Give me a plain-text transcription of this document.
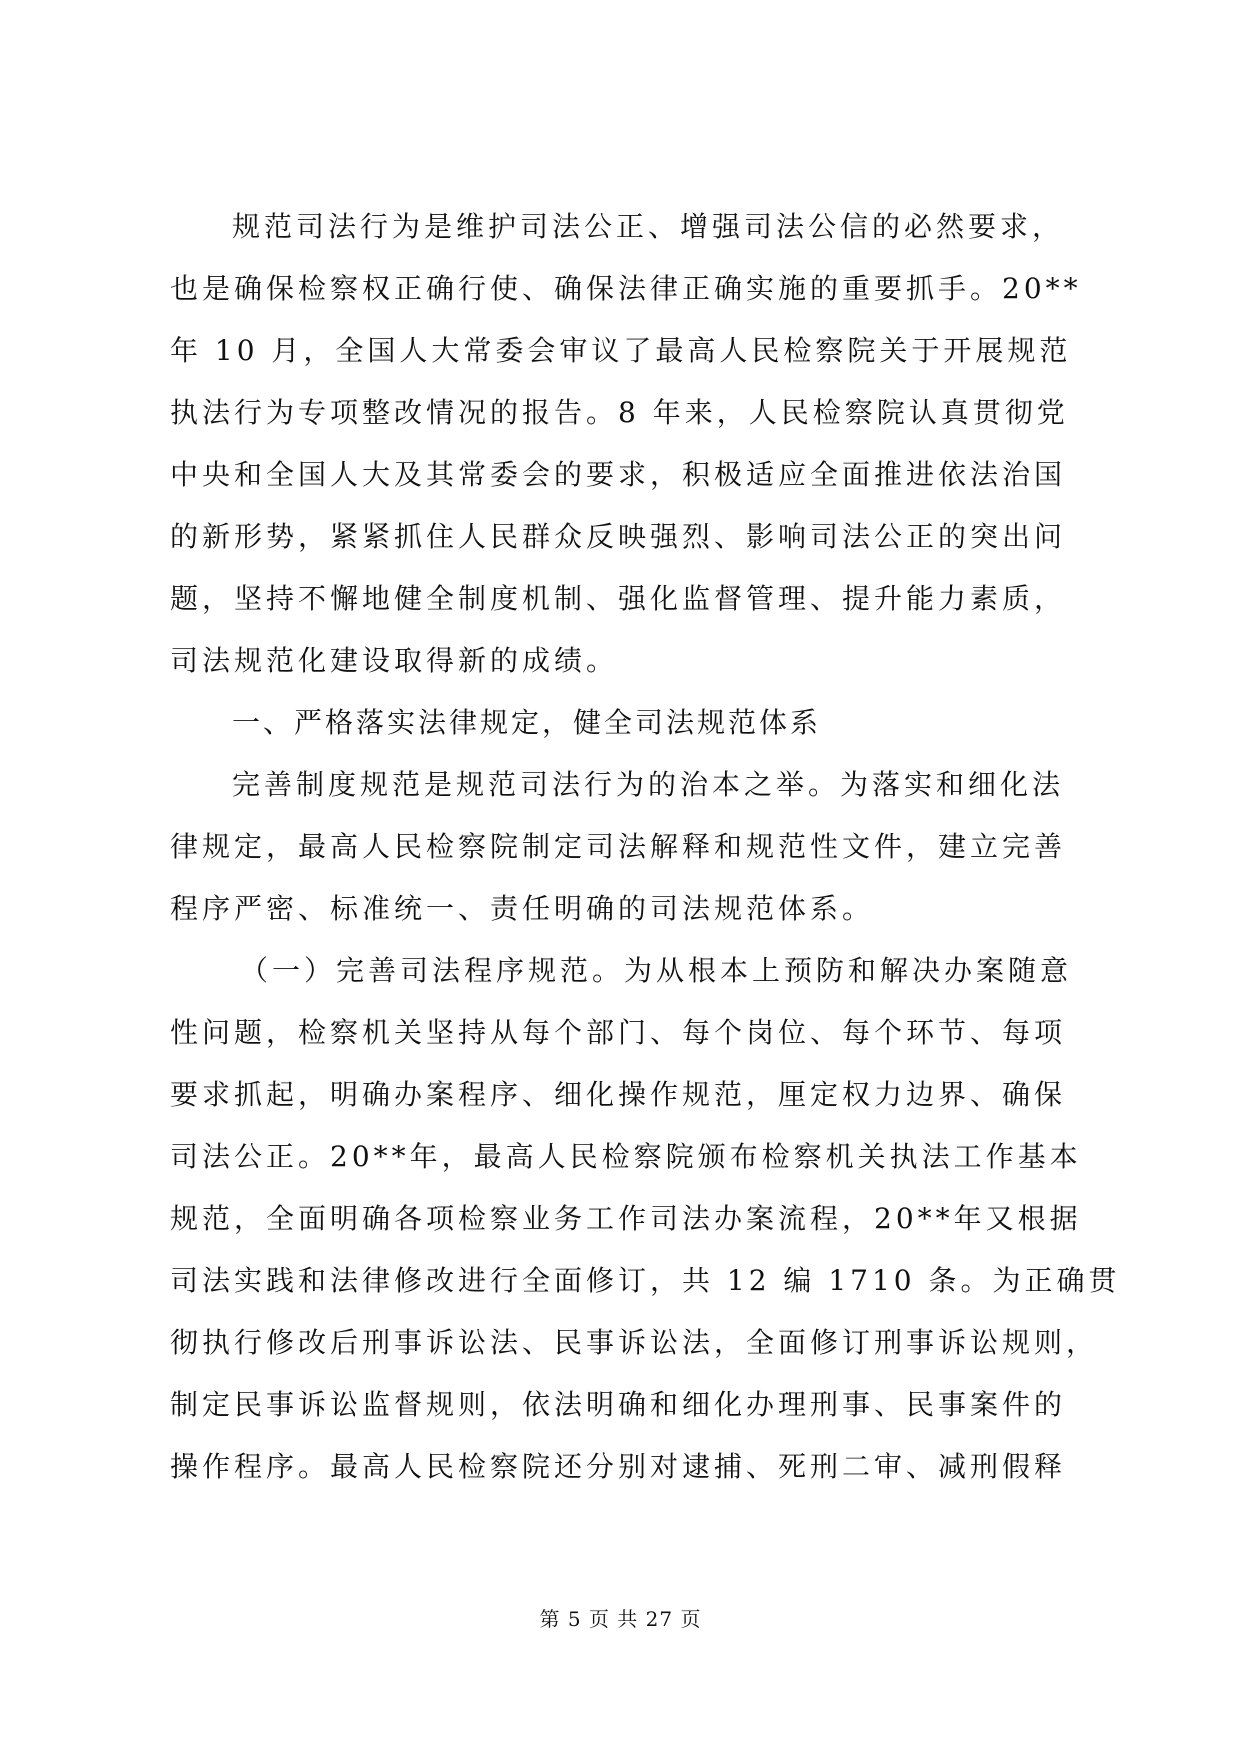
规范司法行为是维护司法公正、增强司法公信的必然要求，
也是确保检察权正确行使、确保法律正确实施的重要抓手。20**
年 10 月，全国人大常委会审议了最高人民检察院关于开展规范
执法行为专项整改情况的报告。8 年来，人民检察院认真贯彻党
中央和全国人大及其常委会的要求，积极适应全面推进依法治国
的新形势，紧紧抓住人民群众反映强烈、影响司法公正的突出问
题，坚持不懈地健全制度机制、强化监督管理、提升能力素质，
司法规范化建设取得新的成绩。
一、严格落实法律规定，健全司法规范体系
完善制度规范是规范司法行为的治本之举。为落实和细化法
律规定，最高人民检察院制定司法解释和规范性文件，建立完善
程序严密、标准统一、责任明确的司法规范体系。
（一）完善司法程序规范。为从根本上预防和解决办案随意
性问题，检察机关坚持从每个部门、每个岗位、每个环节、每项
要求抓起，明确办案程序、细化操作规范，厘定权力边界、确保
司法公正。20**年，最高人民检察院颁布检察机关执法工作基本
规范，全面明确各项检察业务工作司法办案流程，20**年又根据
司法实践和法律修改进行全面修订，共 12 编 1710 条。为正确贯
彻执行修改后刑事诉讼法、民事诉讼法，全面修订刑事诉讼规则，
制定民事诉讼监督规则，依法明确和细化办理刑事、民事案件的
操作程序。最高人民检察院还分别对逮捕、死刑二审、减刑假释
第 5 页 共 27 页
